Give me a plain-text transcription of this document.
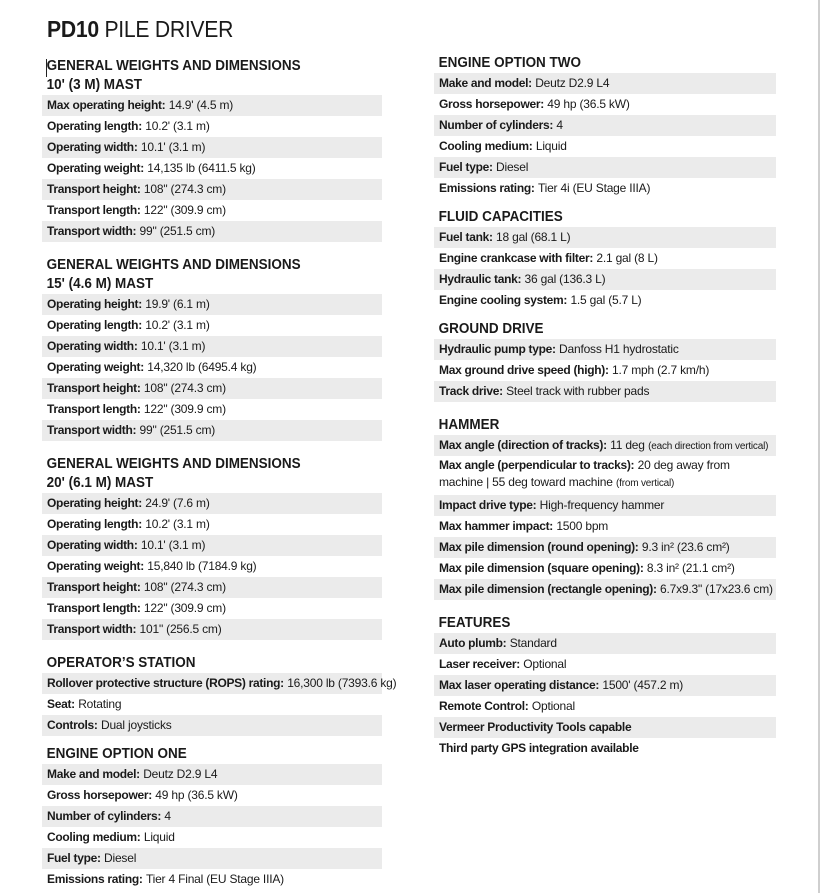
PD10 PILE DRIVER
GENERAL WEIGHTS AND DIMENSIONS
10' (3 M) MAST
Max operating height: 14.9' (4.5 m)
Operating length: 10.2' (3.1 m)
Operating width: 10.1' (3.1 m)
Operating weight: 14,135 lb (6411.5 kg)
Transport height: 108" (274.3 cm)
Transport length: 122" (309.9 cm)
Transport width: 99" (251.5 cm)
GENERAL WEIGHTS AND DIMENSIONS
15' (4.6 M) MAST
Operating height: 19.9' (6.1 m)
Operating length: 10.2' (3.1 m)
Operating width: 10.1' (3.1 m)
Operating weight: 14,320 lb (6495.4 kg)
Transport height: 108" (274.3 cm)
Transport length: 122" (309.9 cm)
Transport width: 99" (251.5 cm)
GENERAL WEIGHTS AND DIMENSIONS
20' (6.1 M) MAST
Operating height: 24.9' (7.6 m)
Operating length: 10.2' (3.1 m)
Operating width: 10.1' (3.1 m)
Operating weight: 15,840 lb (7184.9 kg)
Transport height: 108" (274.3 cm)
Transport length: 122" (309.9 cm)
Transport width: 101" (256.5 cm)
OPERATOR’S STATION
Rollover protective structure (ROPS) rating: 16,300 lb (7393.6 kg)
Seat: Rotating
Controls: Dual joysticks
ENGINE OPTION ONE
Make and model: Deutz D2.9 L4
Gross horsepower: 49 hp (36.5 kW)
Number of cylinders: 4
Cooling medium: Liquid
Fuel type: Diesel
Emissions rating: Tier 4 Final (EU Stage IIIA)
ENGINE OPTION TWO
Make and model: Deutz D2.9 L4
Gross horsepower: 49 hp (36.5 kW)
Number of cylinders: 4
Cooling medium: Liquid
Fuel type: Diesel
Emissions rating: Tier 4i (EU Stage IIIA)
FLUID CAPACITIES
Fuel tank: 18 gal (68.1 L)
Engine crankcase with filter: 2.1 gal (8 L)
Hydraulic tank: 36 gal (136.3 L)
Engine cooling system: 1.5 gal (5.7 L)
GROUND DRIVE
Hydraulic pump type: Danfoss H1 hydrostatic
Max ground drive speed (high): 1.7 mph (2.7 km/h)
Track drive: Steel track with rubber pads
HAMMER
Max angle (direction of tracks): 11 deg (each direction from vertical)
Max angle (perpendicular to tracks): 20 deg away from machine | 55 deg toward machine (from vertical)
Impact drive type: High-frequency hammer
Max hammer impact: 1500 bpm
Max pile dimension (round opening): 9.3 in² (23.6 cm²)
Max pile dimension (square opening): 8.3 in² (21.1 cm²)
Max pile dimension (rectangle opening): 6.7x9.3" (17x23.6 cm)
FEATURES
Auto plumb: Standard
Laser receiver: Optional
Max laser operating distance: 1500' (457.2 m)
Remote Control: Optional
Vermeer Productivity Tools capable
Third party GPS integration available
